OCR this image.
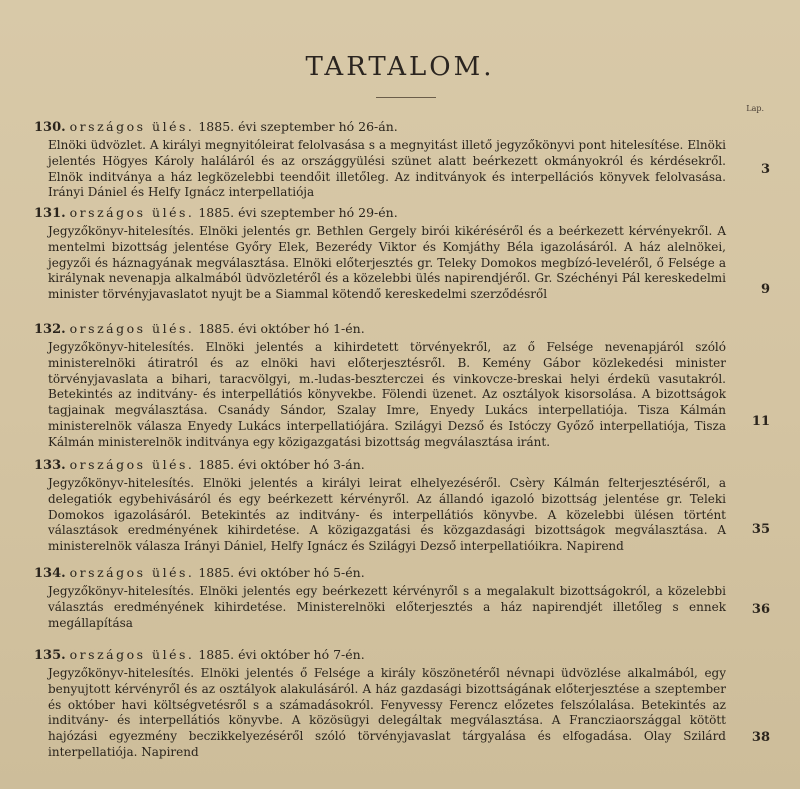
TARTALOM.
Lap.
130. országos ülés. 1885. évi szeptember hó 26-án.
Elnöki üdvözlet. A királyi megnyitóleirat felolvasása s a megnyitást illető jegyzőkönyvi pont hitelesítése. Elnöki jelentés Högyes Károly haláláról és az országgyülési szünet alatt beérkezett okmányokról és kérdésekről. Elnök inditványa a ház legközelebbi teendőit illetőleg. Az inditványok és interpellációs könyvek felolvasása. Irányi Dániel és Helfy Ignácz interpellatiója
3
131. országos ülés. 1885. évi szeptember hó 29-én.
Jegyzőkönyv-hitelesítés. Elnöki jelentés gr. Bethlen Gergely birói kikéréséről és a beérkezett kérvényekről. A mentelmi bizottság jelentése Győry Elek, Bezerédy Viktor és Komjáthy Béla igazolásáról. A ház alelnökei, jegyzői és háznagyának megválasztása. Elnöki előterjesztés gr. Teleky Domokos megbízó-leveléről, ő Felsége a királynak nevenapja alkalmából üdvözletéről és a közelebbi ülés napirendjéről. Gr. Széchényi Pál kereskedelmi minister törvényjavaslatot nyujt be a Siammal kötendő kereskedelmi szerződésről	9
132. országos ülés. 1885. évi október hó 1-én.
Jegyzőkönyv-hitelesítés. Elnöki jelentés a kihirdetett törvényekről, az ő Felsége nevenapjáról szóló ministerelnöki átiratról és az elnöki havi előterjesztésről. B. Kemény Gábor közlekedési minister törvényjavaslata a bihari, taracvölgyi, m.-ludas-beszterczei és vinkovcze-breskai helyi érdekü vasutakról. Betekintés az inditvány- és interpellátiós könyvekbe. Fölendi üzenet. Az osztályok kisorsolása. A bizottságok tagjainak megválasztása. Csanády Sándor, Szalay Imre, Enyedy Lukács interpellatiója. Tisza Kálmán ministerelnök válasza Enyedy Lukács interpellatiójára. Szilágyi Dezső és Istóczy Győző interpellatiója, Tisza Kálmán ministerelnök inditványa egy közigazgatási bizottság megválasztása iránt.
11
133. országos ülés. 1885. évi október hó 3-án.
Jegyzőkönyv-hitelesítés. Elnöki jelentés a királyi leirat elhelyezéséről. Csèry Kálmán felterjesztéséről, a delegatiók egybehivásáról és egy beérkezett kérvényről. Az állandó igazoló bizottság jelentése gr. Teleki Domokos igazolásáról. Betekintés az inditvány- és interpellátiós könyvbe. A közelebbi ülésen történt választások eredményének kihirdetése. A közigazgatási és közgazdasági bizottságok megválasztása. A ministerelnök válasza Irányi Dániel, Helfy Ignácz és Szilágyi Dezső interpellatióikra. Napirend
35
134. országos ülés. 1885. évi október hó 5-én.
Jegyzőkönyv-hitelesítés. Elnöki jelentés egy beérkezett kérvényről s a megalakult bizottságokról, a közelebbi választás eredményének kihirdetése. Ministerelnöki előterjesztés a ház napirendjét illetőleg s ennek megállapítása
36
135. országos ülés. 1885. évi október hó 7-én.
Jegyzőkönyv-hitelesítés. Elnöki jelentés ő Felsége a király köszönetéről névnapi üdvözlése alkalmából, egy benyujtott kérvényről és az osztályok alakulásáról. A ház gazdasági bizottságának előterjesztése a szeptember és október havi költségvetésről s a számadásokról. Fenyvessy Ferencz előzetes felszólalása. Betekintés az inditvány- és interpellátiós könyvbe. A közösügyi delegáltak megválasztása. A Francziaországgal kötött hajózási egyezmény beczikkelyezéséről szóló törvényjavaslat tárgyalása és elfogadása. Olay Szilárd interpellatiója. Napirend
38
